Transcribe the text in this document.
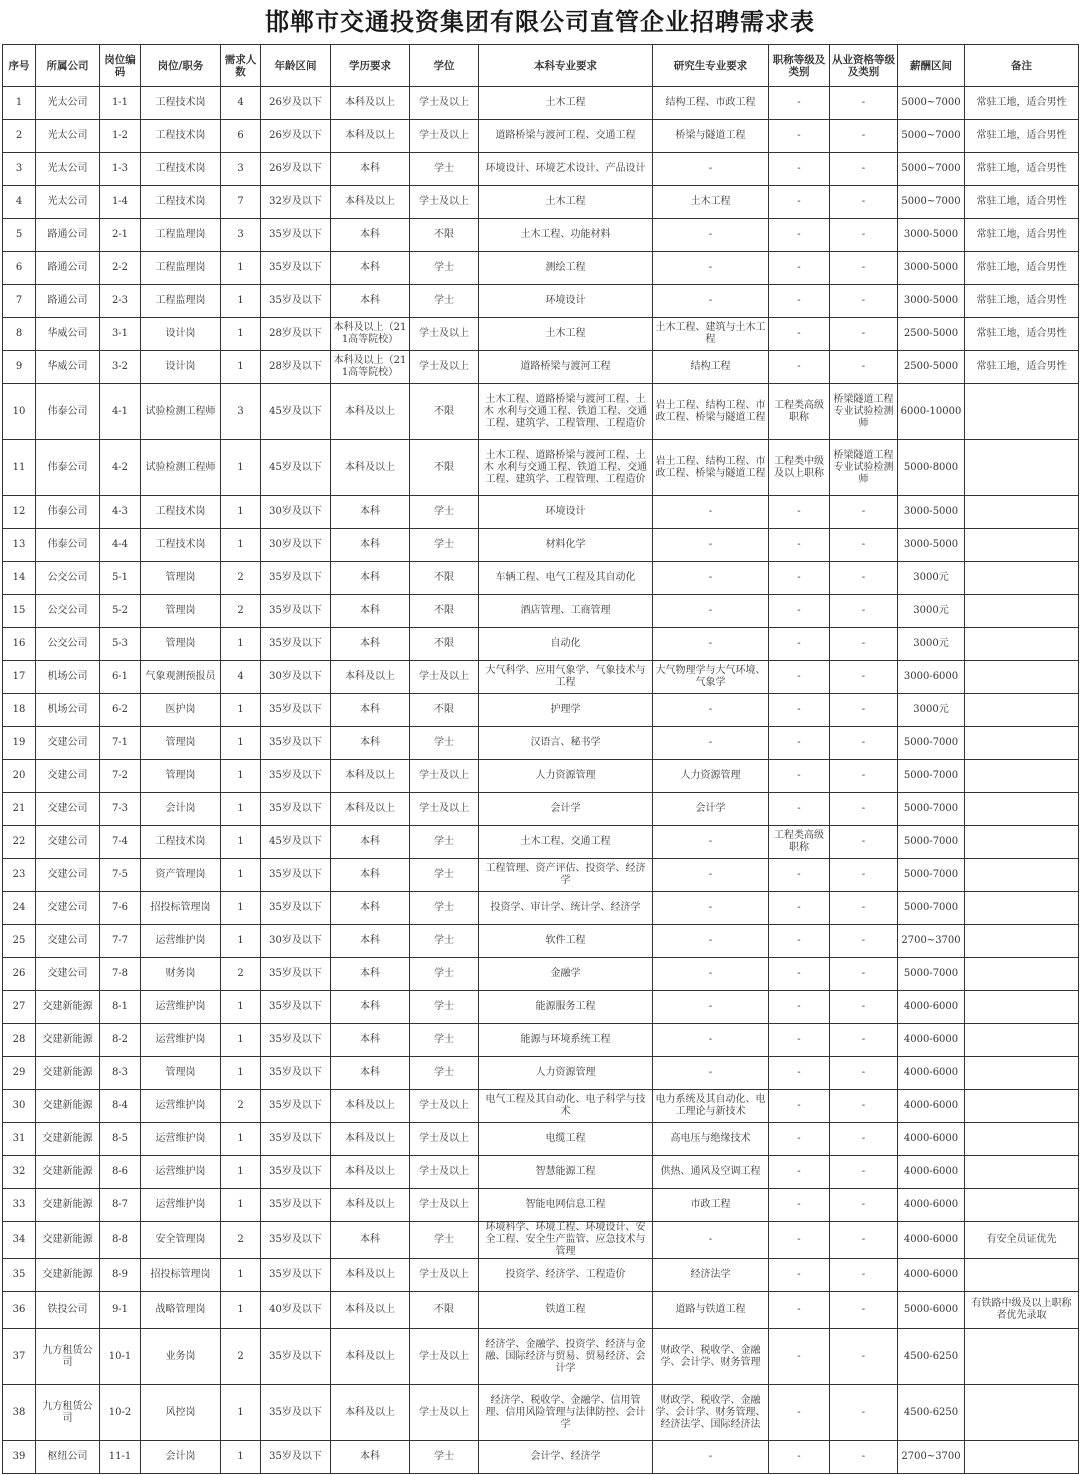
邯郸市交通投资集团有限公司直管企业招聘需求表
序号	所属公司	岗位编码	岗位/职务	需求人数	年龄区间	学历要求	学位	本科专业要求	研究生专业要求	职称等级及类别	从业资格等级及类别	薪酬区间	备注
1	光太公司	1-1	工程技术岗	4	26岁及以下	本科及以上	学士及以上	土木工程	结构工程、市政工程	-	-	5000~7000	常驻工地，适合男性
2	光太公司	1-2	工程技术岗	6	26岁及以下	本科及以上	学士及以上	道路桥梁与渡河工程、交通工程	桥梁与隧道工程	-	-	5000~7000	常驻工地，适合男性
3	光太公司	1-3	工程技术岗	3	26岁及以下	本科	学士	环境设计、环境艺术设计、产品设计	-	-	-	5000~7000	常驻工地，适合男性
4	光太公司	1-4	工程技术岗	7	32岁及以下	本科及以上	学士及以上	土木工程	土木工程	-	-	5000~7000	常驻工地，适合男性
5	路通公司	2-1	工程监理岗	3	35岁及以下	本科	不限	土木工程、功能材料	-	-	-	3000-5000	常驻工地，适合男性
6	路通公司	2-2	工程监理岗	1	35岁及以下	本科	学士	测绘工程	-	-	-	3000-5000	常驻工地，适合男性
7	路通公司	2-3	工程监理岗	1	35岁及以下	本科	学士	环境设计	-	-	-	3000-5000	常驻工地，适合男性
8	华威公司	3-1	设计岗	1	28岁及以下	本科及以上（211高等院校）	学士及以上	土木工程	土木工程、建筑与土木工程	-	-	2500-5000	常驻工地，适合男性
9	华威公司	3-2	设计岗	1	28岁及以下	本科及以上（211高等院校）	学士及以上	道路桥梁与渡河工程	结构工程	-	-	2500-5000	常驻工地，适合男性
10	伟泰公司	4-1	试验检测工程师	3	45岁及以下	本科及以上	不限	土木工程、道路桥梁与渡河工程、土木 水利与交通工程、铁道工程、交通工程、建筑学、工程管理、工程造价	岩土工程、结构工程、市政工程、桥梁与隧道工程	工程类高级职称	桥梁隧道工程专业试验检测师	6000-10000	
11	伟泰公司	4-2	试验检测工程师	1	45岁及以下	本科及以上	不限	土木工程、道路桥梁与渡河工程、土木 水利与交通工程、铁道工程、交通工程、建筑学、工程管理、工程造价	岩土工程、结构工程、市政工程、桥梁与隧道工程	工程类中级及以上职称	桥梁隧道工程专业试验检测师	5000-8000	
12	伟泰公司	4-3	工程技术岗	1	30岁及以下	本科	学士	环境设计	-	-	-	3000-5000	
13	伟泰公司	4-4	工程技术岗	1	30岁及以下	本科	学士	材料化学	-	-	-	3000-5000	
14	公交公司	5-1	管理岗	2	35岁及以下	本科	不限	车辆工程、电气工程及其自动化	-	-	-	3000元	
15	公交公司	5-2	管理岗	2	35岁及以下	本科	不限	酒店管理、工商管理	-	-	-	3000元	
16	公交公司	5-3	管理岗	1	35岁及以下	本科	不限	自动化	-	-	-	3000元	
17	机场公司	6-1	气象观测预报员	4	30岁及以下	本科及以上	学士及以上	大气科学、应用气象学、气象技术与工程	大气物理学与大气环境、气象学	-	-	3000-6000	
18	机场公司	6-2	医护岗	1	35岁及以下	本科	不限	护理学	-	-	-	3000元	
19	交建公司	7-1	管理岗	1	35岁及以下	本科	学士	汉语言、秘书学	-	-	-	5000-7000	
20	交建公司	7-2	管理岗	1	35岁及以下	本科及以上	学士及以上	人力资源管理	人力资源管理	-	-	5000-7000	
21	交建公司	7-3	会计岗	1	35岁及以下	本科及以上	学士及以上	会计学	会计学	-	-	5000-7000	
22	交建公司	7-4	工程技术岗	1	45岁及以下	本科	学士	土木工程、交通工程	-	工程类高级职称	-	5000-7000	
23	交建公司	7-5	资产管理岗	1	35岁及以下	本科	学士	工程管理、资产评估、投资学、经济学	-	-	-	5000-7000	
24	交建公司	7-6	招投标管理岗	1	35岁及以下	本科	学士	投资学、审计学、统计学、经济学	-	-	-	5000-7000	
25	交建公司	7-7	运营维护岗	1	30岁及以下	本科	学士	软件工程	-	-	-	2700~3700	
26	交建公司	7-8	财务岗	2	35岁及以下	本科	学士	金融学	-	-	-	5000-7000	
27	交建新能源	8-1	运营维护岗	1	35岁及以下	本科	学士	能源服务工程	-	-	-	4000-6000	
28	交建新能源	8-2	运营维护岗	1	35岁及以下	本科	学士	能源与环境系统工程	-	-	-	4000-6000	
29	交建新能源	8-3	管理岗	1	35岁及以下	本科	学士	人力资源管理	-	-	-	4000-6000	
30	交建新能源	8-4	运营维护岗	2	35岁及以下	本科及以上	学士及以上	电气工程及其自动化、电子科学与技术	电力系统及其自动化、电工理论与新技术	-	-	4000-6000	
31	交建新能源	8-5	运营维护岗	1	35岁及以下	本科及以上	学士及以上	电缆工程	高电压与绝缘技术	-	-	4000-6000	
32	交建新能源	8-6	运营维护岗	1	35岁及以下	本科及以上	学士及以上	智慧能源工程	供热、通风及空调工程	-	-	4000-6000	
33	交建新能源	8-7	运营维护岗	1	35岁及以下	本科及以上	学士及以上	智能电网信息工程	市政工程	-	-	4000-6000	
34	交建新能源	8-8	安全管理岗	2	35岁及以下	本科	学士	环境科学、环境工程、环境设计、安全工程、安全生产监管、应急技术与管理	-	-	-	4000-6000	有安全员证优先
35	交建新能源	8-9	招投标管理岗	1	35岁及以下	本科及以上	学士及以上	投资学、经济学、工程造价	经济法学	-	-	4000-6000	
36	铁投公司	9-1	战略管理岗	1	40岁及以下	本科及以上	不限	铁道工程	道路与铁道工程	-	-	5000-6000	有铁路中级及以上职称者优先录取
37	九方租赁公司	10-1	业务岗	2	35岁及以下	本科及以上	学士及以上	经济学、金融学、投资学、经济与金融、国际经济与贸易、贸易经济、会计学	财政学、税收学、金融学、会计学、财务管理	-	-	4500-6250	
38	九方租赁公司	10-2	风控岗	1	35岁及以下	本科及以上	学士及以上	经济学、税收学、金融学、信用管理、信用风险管理与法律防控、会计学	财政学、税收学、金融学、会计学、财务管理、经济法学、国际经济法	-	-	4500-6250	
39	枢纽公司	11-1	会计岗	1	35岁及以下	本科	学士	会计学、经济学	-	-	-	2700~3700	
